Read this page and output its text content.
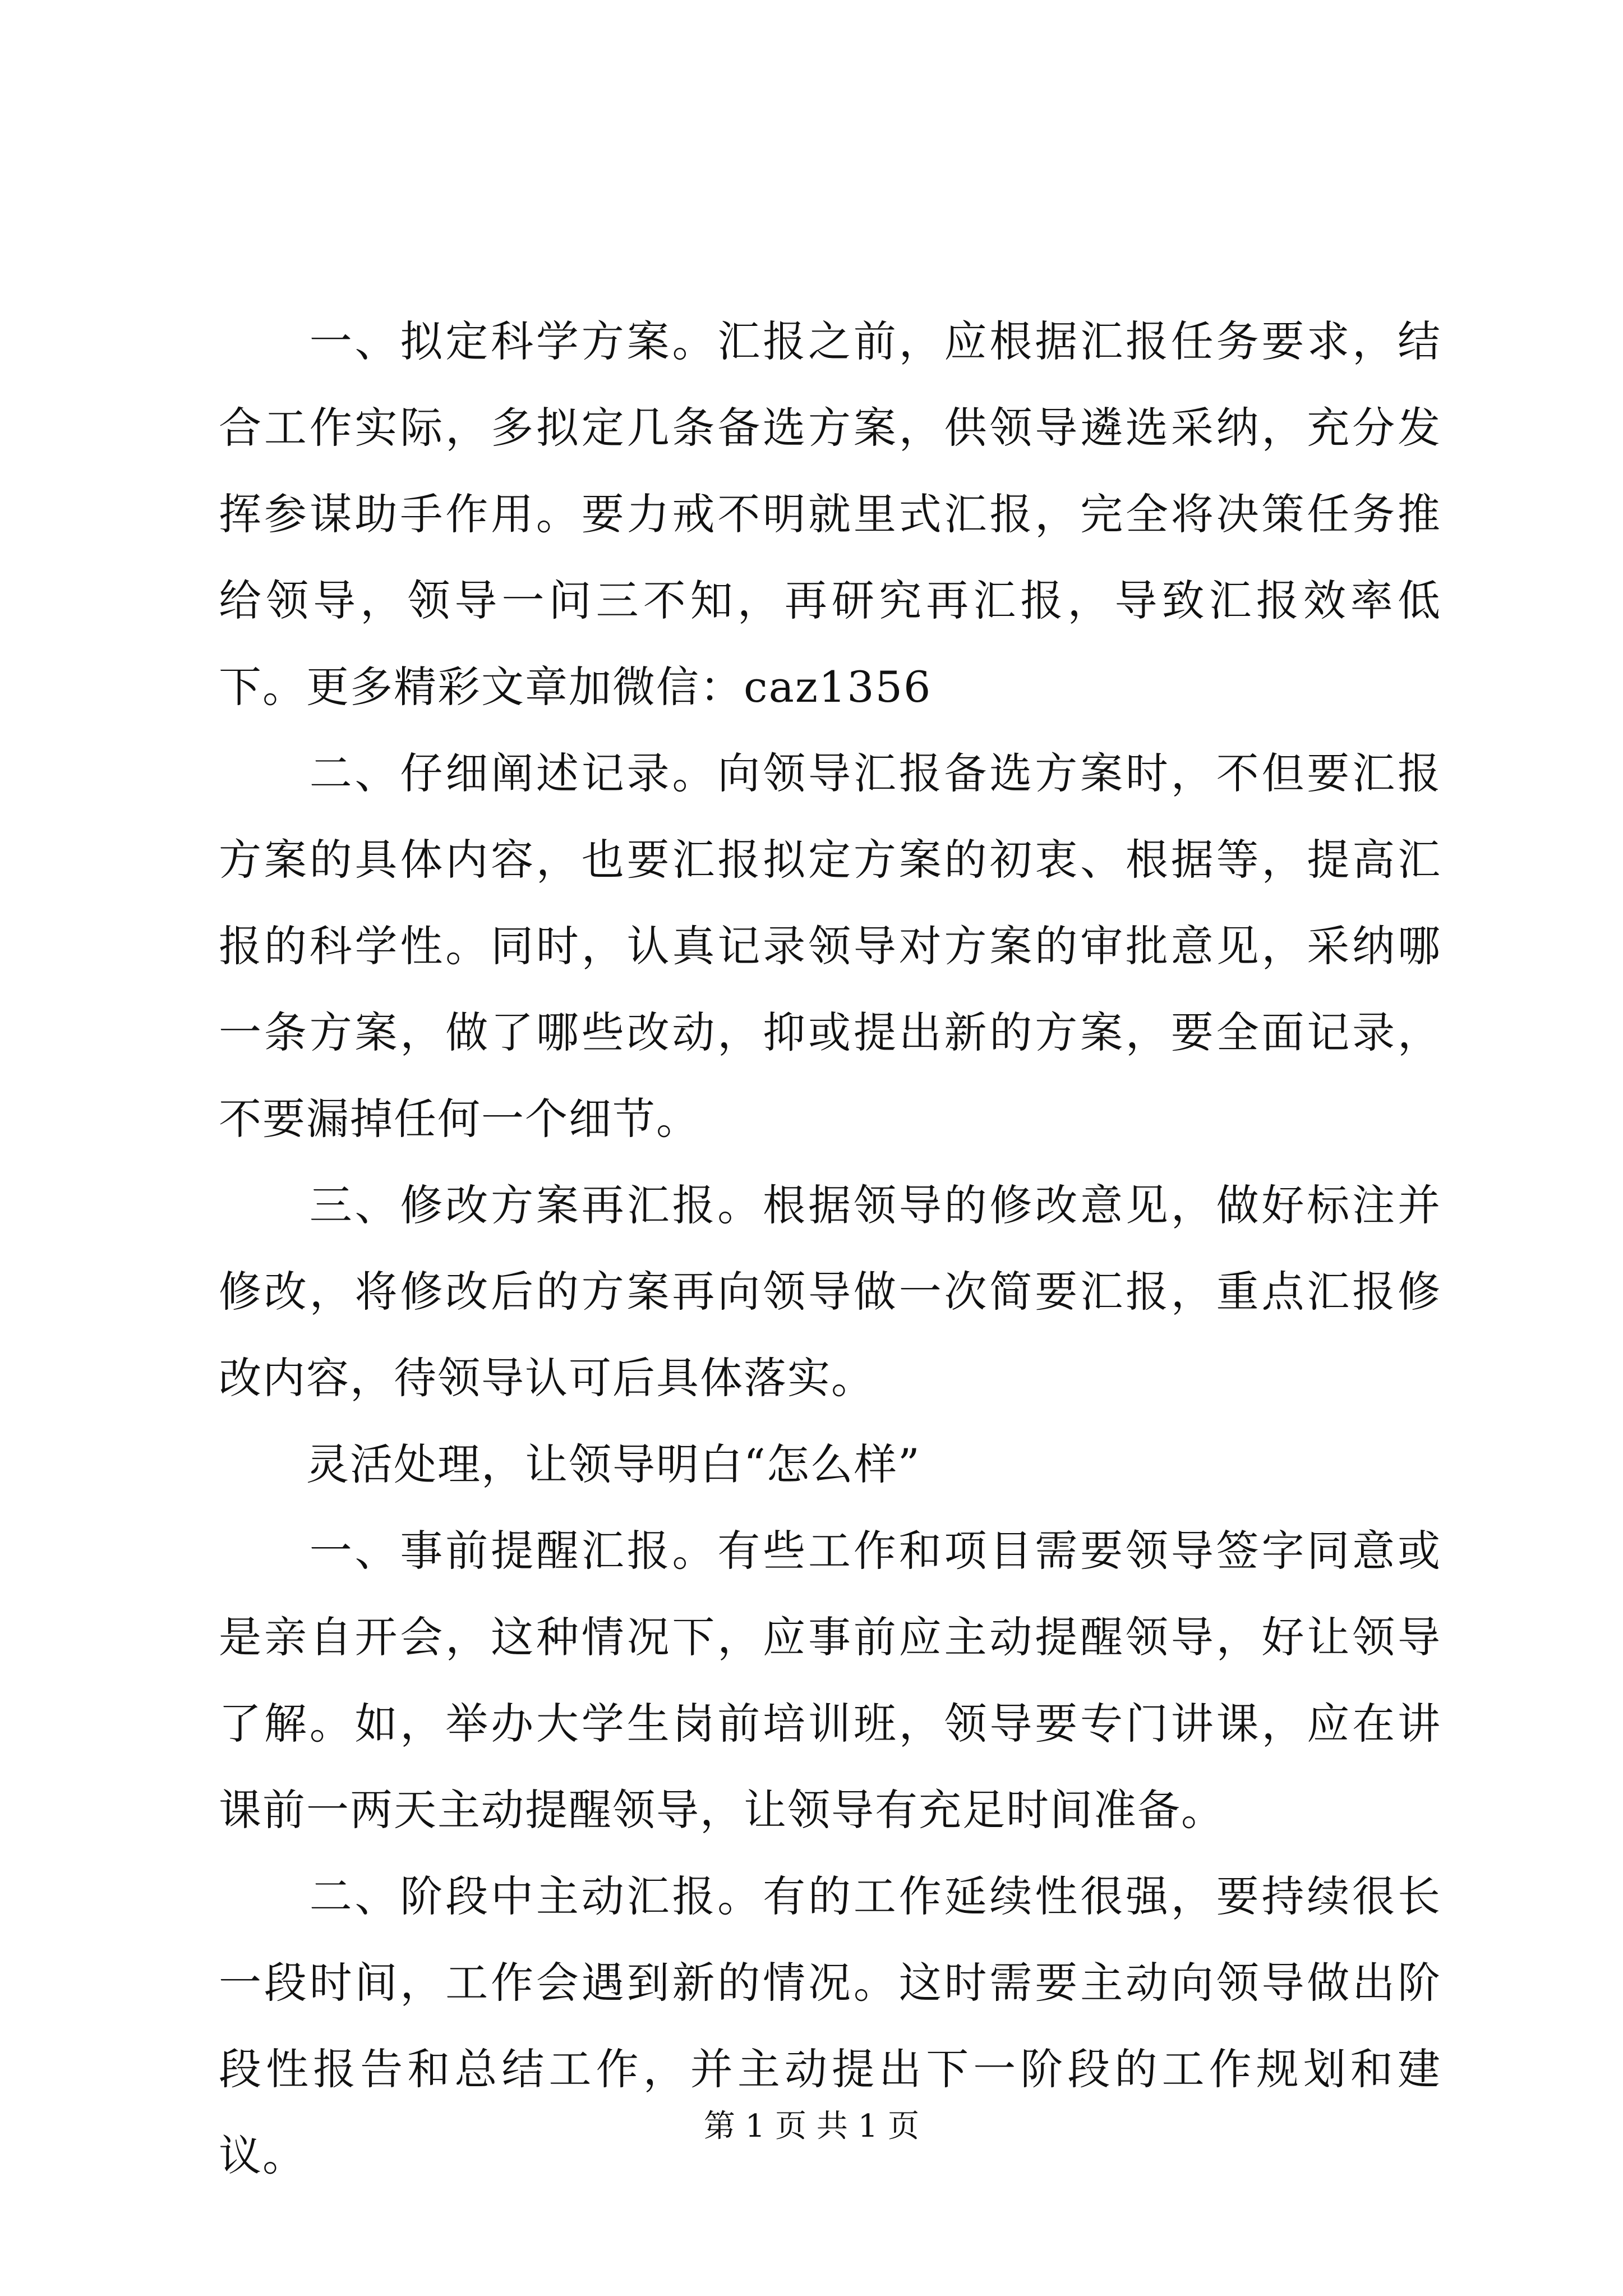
　　一、拟定科学方案。汇报之前，应根据汇报任务要求，结合工作实际，多拟定几条备选方案，供领导遴选采纳，充分发挥参谋助手作用。要力戒不明就里式汇报，完全将决策任务推给领导，领导一问三不知，再研究再汇报，导致汇报效率低下。更多精彩文章加微信：caz1356

　　二、仔细阐述记录。向领导汇报备选方案时，不但要汇报方案的具体内容，也要汇报拟定方案的初衷、根据等，提高汇报的科学性。同时，认真记录领导对方案的审批意见，采纳哪一条方案，做了哪些改动，抑或提出新的方案，要全面记录，不要漏掉任何一个细节。

　　三、修改方案再汇报。根据领导的修改意见，做好标注并修改，将修改后的方案再向领导做一次简要汇报，重点汇报修改内容，待领导认可后具体落实。

　　灵活处理，让领导明白“怎么样”

　　一、事前提醒汇报。有些工作和项目需要领导签字同意或是亲自开会，这种情况下，应事前应主动提醒领导，好让领导了解。如，举办大学生岗前培训班，领导要专门讲课，应在讲课前一两天主动提醒领导，让领导有充足时间准备。

　　二、阶段中主动汇报。有的工作延续性很强，要持续很长一段时间，工作会遇到新的情况。这时需要主动向领导做出阶段性报告和总结工作，并主动提出下一阶段的工作规划和建议。

第 1 页 共 1 页
